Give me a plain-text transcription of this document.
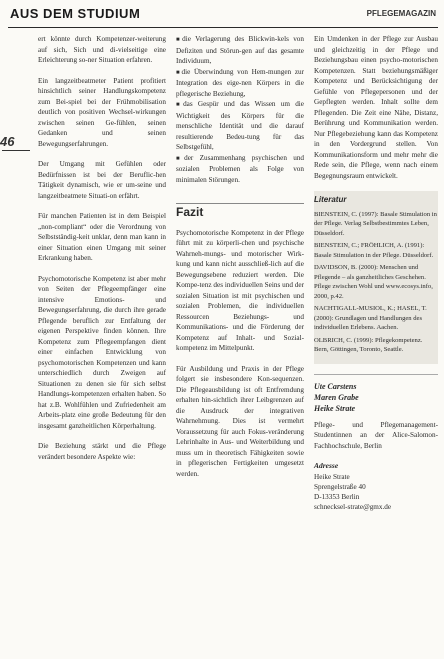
AUS DEM STUDIUM	PFLEGEMAGAZIN
46

ert könnte durch Kompetenzer-weiterung auf sich, Sich und di-vielseitige eine Erleichterung so-ner Situation erfahren.

Ein langzeitbeatmeter Patient profitiert hinsichtlich seiner Handlungskompetenz zum Bei-spiel bei der Frühmobilisation deutlich von positiven Wechsel-wirkungen zwischen seinen Ge-fühlen, seinen Gedanken und seinen Bewegungserfahrungen.

Der Umgang mit Gefühlen oder Bedürfnissen ist bei der Beruflic-hen Tätigkeit dynamisch, wie er um-seine und langzeitbeatmete Situati-on erfährt.

Für manchen Patienten ist in dem Beispiel „non-compliant“ oder die Verordnung von Selbstständig-keit unklar, denn man kann in einer Situation einen Umgang mit seiner Erkrankung haben.

Psychomotorische Kompetenz ist aber mehr von Seiten der Pflegeempfänger eine intensive Emotions- und Bewegungserfahrung, die durch ihre gerade Pflegende beruflich zur Entfaltung der eigenen Perspektive finden können. Ihre Kompetenz zum Pflegeempfangen dient einer einfachen Entwicklung von psychomotorischen Kompetenzen und kann unterschiedlich durch Zweigen auf Situationen zu denen sie für sich selbst Handlungs-kompetenzen erhalten haben. So hat z.B. Wohlfühlen und Zufriedenheit am Arbeits-platz eine große Bedeutung für den insgesamt ganzheitlichen Körperhaltung.

Die Beziehung stärkt und die Pflege verändert besondere Aspekte wie:

■ die Verlagerung des Blickwin-kels von Defiziten und Störun-gen auf das gesamte Individuum,

■ die Überwindung von Hem-mungen zur Integration des eige-nen Körpers in die pflegerische Beziehung,

■ das Gespür und das Wissen um die Wichtigkeit des Körpers für die menschliche Identität und die darauf resultierende Bedeu-tung für das Selbstgefühl,

■ der Zusammenhang psychischen und sozialen Problemen als Folge von minimalen Störungen.

Fazit

Psychomotorische Kompetenz in der Pflege führt mit zu körperli-chen und psychische Wahrneh-mungs- und motorischer Wirk-kung und kann nicht ausschließ-lich auf die Bewegungsebene reduziert werden. Die Kompe-tenz des individuellen Seins und der sozialen Situation ist mit psychischen und sozialen Problemen, die individuellen Ressourcen Beziehungs- und Kommunikations- und die Förderung der Kompetenz auf Inhalt- und Sozial-kompetenz im Mittelpunkt.

Für Ausbildung und Praxis in der Pflege folgert sie insbesondere Kon-sequenzen. Die Pflegeausbildung ist oft Entfremdung erhalten hin-sichtlich ihrer Leibgrenzen auf die Ausdruck der integrativen Wahrnehmung. Dies ist vermehrt Voraussetzung für auch Fokus-veränderung Lehrinhalte in Aus- und Weiterbildung und muss um in theoretisch Fähigkeiten sowie in pflegerischen Fertigkeiten umgesetzt werden.

Ein Umdenken in der Pflege zur Ausbau und gleichzeitig in der Pflege und Beziehungsbau einen psycho-motorischen Kompetenzen. Statt beziehungsmäßiger Kompetenz und Berücksichtigung der Gefühle von Pflegepersonen und der Gepflegten werden. Inhalt sollte dem Pflegenden. Die Zeit eine Nähe, Distanz, Berührung und Kommunikation werden. Nur Pflegebeziehung kann das Kompetenz in den Vordergrund stellen. Von Kommunikationsform und mehr mehr die Rede sein, die Pflege, wenn nach einem Begegnungsraum entwickelt.

Literatur
BIENSTEIN, C. (1997): Basale Stimulation in der Pflege. Verlag Selbstbestimmtes Leben, Düsseldorf.
BIENSTEIN, C.; FRÖHLICH, A. (1991): Basale Stimulation in der Pflege. Düsseldorf.
DAVIDSON, B. (2000): Menschen und Pflegende – als ganzheitliches Geschehen. Pflege zwischen Wohl und www.ecosys.info, 2000, p.42.
NACHTIGALL-MUSIOL, K.; HASEL, T. (2000): Grundlagen und Handlungen des individuellen Erlebens. Aachen.
OLBRICH, C. (1999): Pflegekompetenz. Bern, Göttingen, Toronto, Seattle.
Ute Carstens
Maren Grabe
Heike Strate

Pflege- und Pflegemanagement-Studentinnen an der Alice-Salomon-Fachhochschule, Berlin

Adresse
Heike Strate
Sprengelstraße 40
D-13353 Berlin
schnecksel-strate@gmx.de
